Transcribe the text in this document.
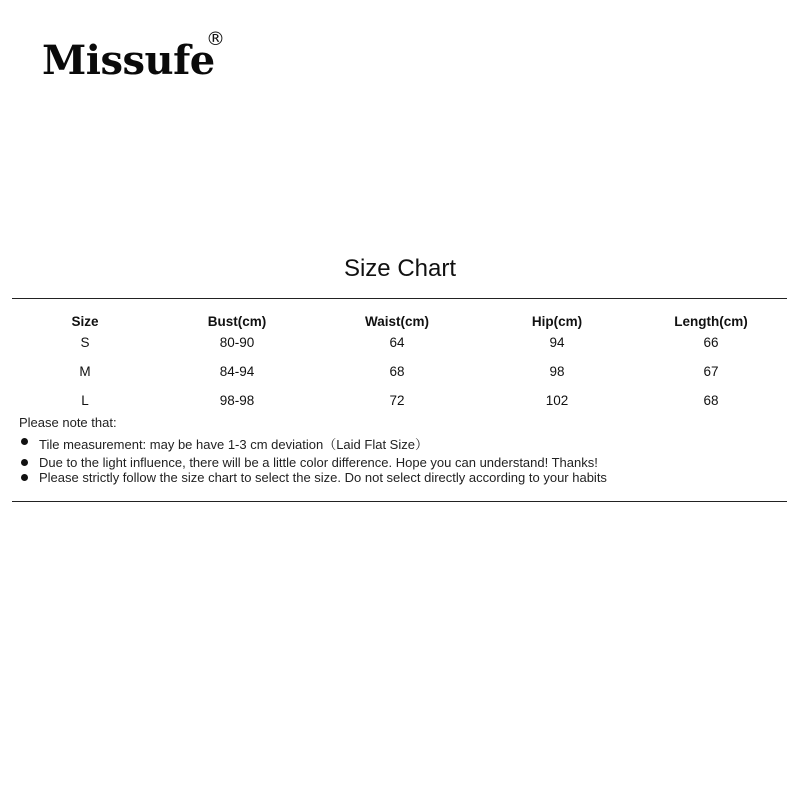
Missufe
®
Size Chart
Size	Bust(cm)	Waist(cm)	Hip(cm)	Length(cm)
S	80-90	64	94	66
M	84-94	68	98	67
L	98-98	72	102	68
Please note that:
Tile measurement: may be have 1-3 cm deviation（Laid Flat Size）
Due to the light influence, there will be a little color difference. Hope you can understand! Thanks!
Please strictly follow the size chart to select the size. Do not select directly according to your habits
